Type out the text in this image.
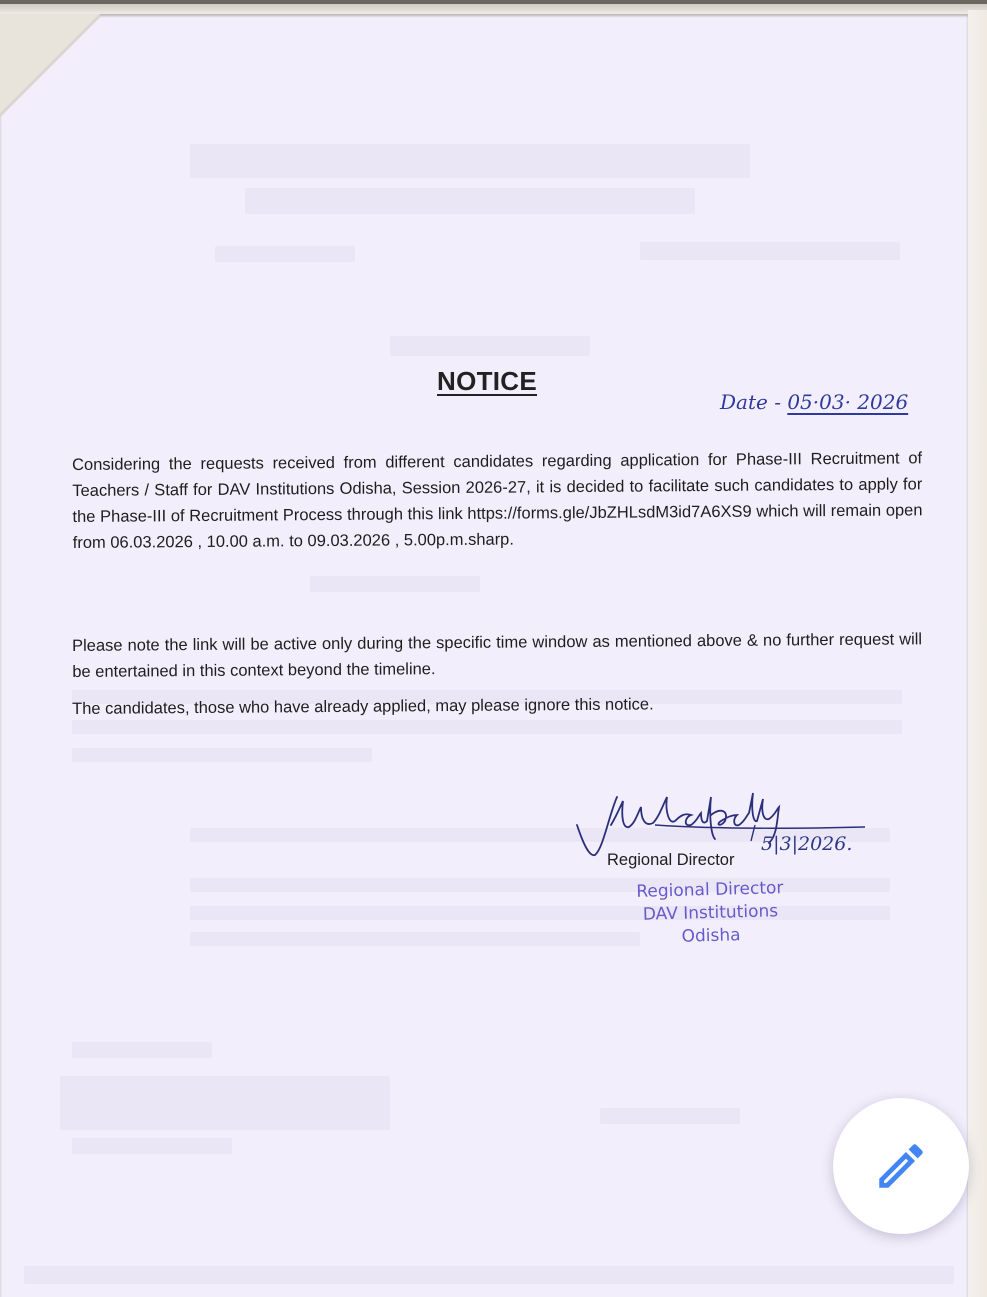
NOTICE
Date - 05·03· 2026

Considering the requests received from different candidates regarding application for Phase-III Recruitment of Teachers / Staff for DAV Institutions Odisha, Session 2026-27, it is decided to facilitate such candidates to apply for the Phase-III of Recruitment Process through this link https://forms.gle/JbZHLsdM3id7A6XS9 which will remain open from 06.03.2026 , 10.00 a.m. to 09.03.2026 , 5.00p.m.sharp.

Please note the link will be active only during the specific time window as mentioned above & no further request will be entertained in this context beyond the timeline.

The candidates, those who have already applied, may please ignore this notice.

5|3|2026.
Regional Director
Regional Director
DAV Institutions
Odisha
